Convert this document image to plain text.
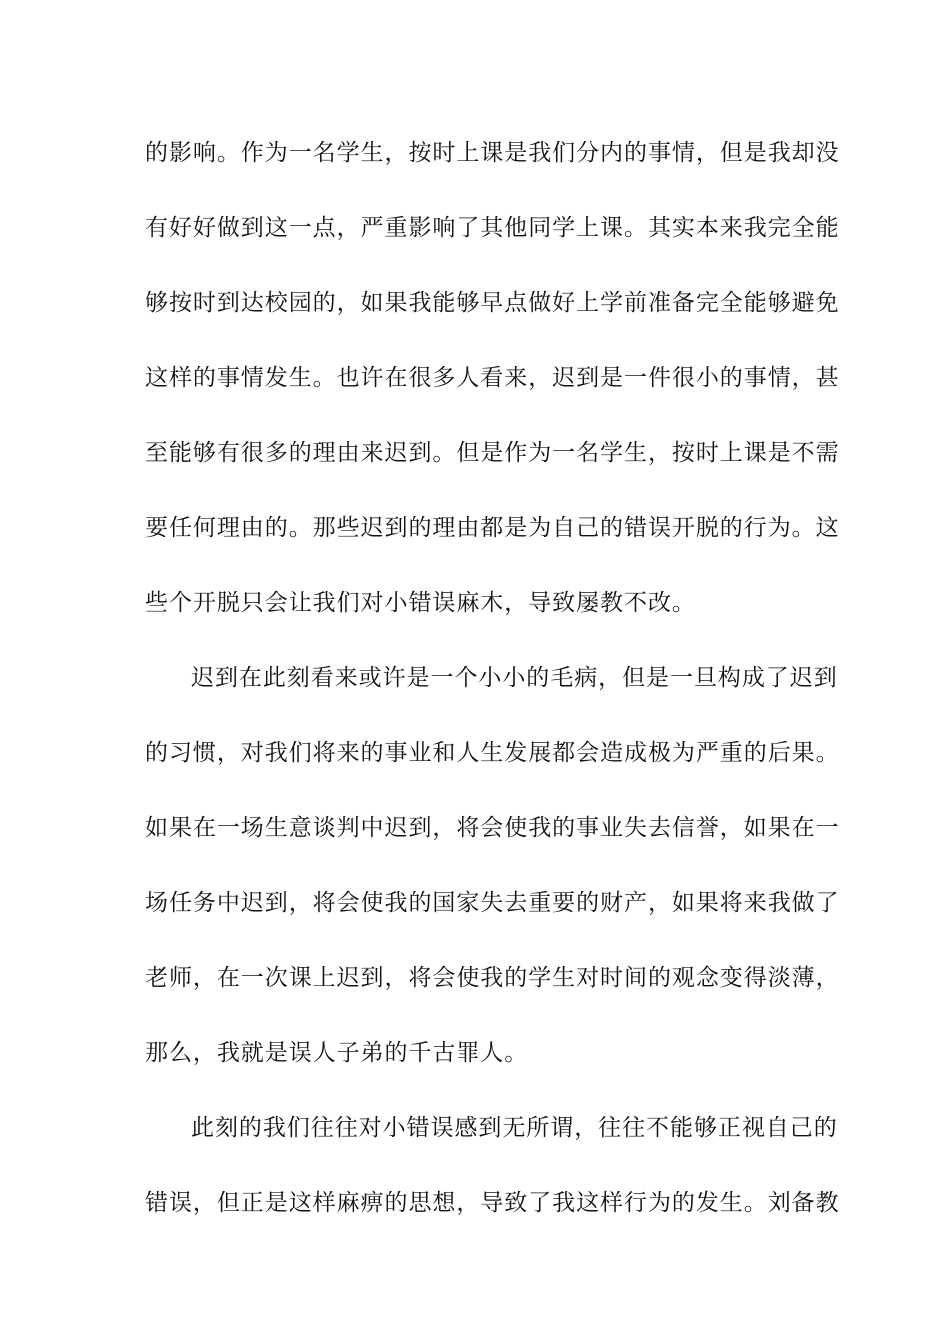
的影响。作为一名学生，按时上课是我们分内的事情，但是我却没
有好好做到这一点，严重影响了其他同学上课。其实本来我完全能
够按时到达校园的，如果我能够早点做好上学前准备完全能够避免
这样的事情发生。也许在很多人看来，迟到是一件很小的事情，甚
至能够有很多的理由来迟到。但是作为一名学生，按时上课是不需
要任何理由的。那些迟到的理由都是为自己的错误开脱的行为。这
些个开脱只会让我们对小错误麻木，导致屡教不改。
迟到在此刻看来或许是一个小小的毛病，但是一旦构成了迟到
的习惯，对我们将来的事业和人生发展都会造成极为严重的后果。
如果在一场生意谈判中迟到，将会使我的事业失去信誉，如果在一
场任务中迟到，将会使我的国家失去重要的财产，如果将来我做了
老师，在一次课上迟到，将会使我的学生对时间的观念变得淡薄，
那么，我就是误人子弟的千古罪人。
此刻的我们往往对小错误感到无所谓，往往不能够正视自己的
错误，但正是这样麻痹的思想，导致了我这样行为的发生。刘备教
